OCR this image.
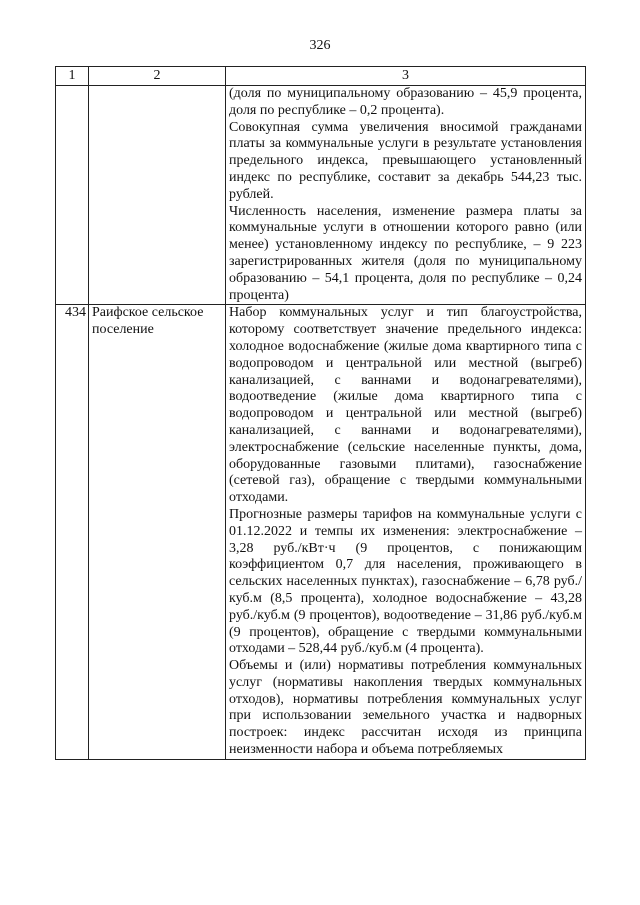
326
1	2	3

		(доля по муниципальному образованию – 45,9 процента, доля по республике – 0,2 процента).

Совокупная сумма увеличения вносимой гражданами платы за коммунальные услуги в результате установления предельного индекса, превышающего установленный индекс по республике, составит за декабрь 544,23 тыс. рублей.

Численность населения, изменение размера платы за коммунальные услуги в отношении которого равно (или менее) установленному индексу по республике, – 9 223 зарегистрированных жителя (доля по муниципальному образованию – 54,1 процента, доля по республике – 0,24 процента)

434	Раифское сельское поселение	Набор коммунальных услуг и тип благоустройства, которому соответствует значение предельного индекса: холодное водоснабжение (жилые дома квартирного типа с водопроводом и центральной или местной (выгреб) канализацией, с ваннами и водонагревателями), водоотведение (жилые дома квартирного типа с водопроводом и центральной или местной (выгреб) канализацией, с ваннами и водонагревателями), электроснабжение (сельские населенные пункты, дома, оборудованные газовыми плитами), газоснабжение (сетевой газ), обращение с твердыми коммунальными отходами.

Прогнозные размеры тарифов на коммунальные услуги с 01.12.2022 и темпы их изменения: электроснабжение – 3,28 руб./кВт·ч (9 процентов, с понижающим коэффициентом 0,7 для населения, проживающего в сельских населенных пунктах), газоснабжение – 6,78 руб./куб.м (8,5 процента), холодное водоснабжение – 43,28 руб./куб.м (9 процентов), водоотведение – 31,86 руб./куб.м (9 процентов), обращение с твердыми коммунальными отходами – 528,44 руб./куб.м (4 процента).

Объемы и (или) нормативы потребления коммунальных услуг (нормативы накопления твердых коммунальных отходов), нормативы потребления коммунальных услуг при использовании земельного участка и надворных построек: индекс рассчитан исходя из принципа неизменности набора и объема потребляемых
